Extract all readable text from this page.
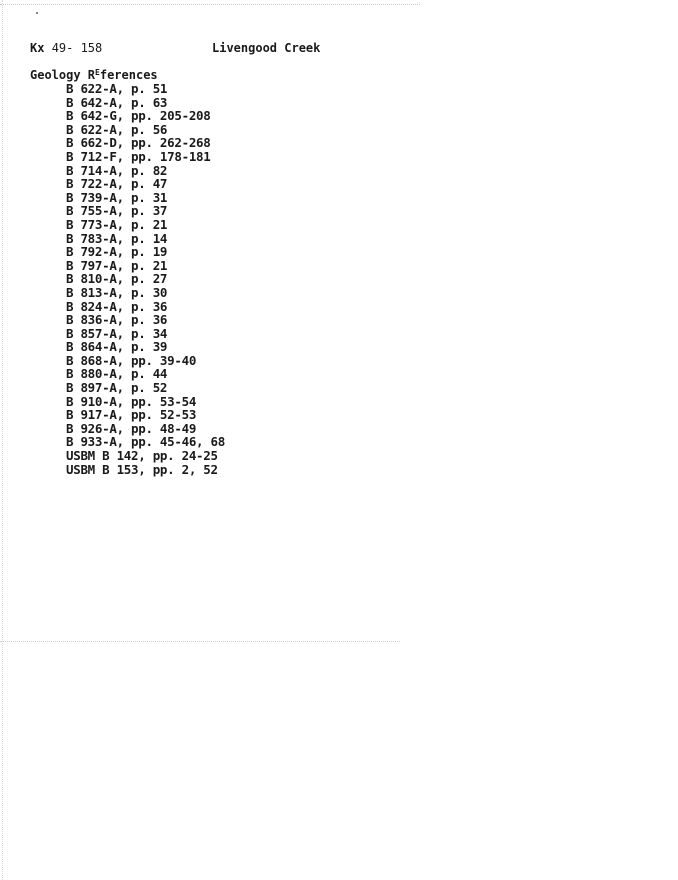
Kx 49- 158	Livengood Creek
Geology $R^Eferences$
B 622-A, p. 51
B 642-A, p. 63
B 642-G, pp. 205-208
B 622-A, p. 56
B 662-D, pp. 262-268
B 712-F, pp. 178-181
B 714-A, p. 82
B 722-A, p. 47
B 739-A, p. 31
B 755-A, p. 37
B 773-A, p. 21
B 783-A, p. 14
B 792-A, p. 19
B 797-A, p. 21
B 810-A, p. 27
B 813-A, p. 30
B 824-A, p. 36
B 836-A, p. 36
B 857-A, p. 34
B 864-A, p. 39
B 868-A, pp. 39-40
B 880-A, p. 44
B 897-A, p. 52
B 910-A, pp. 53-54
B 917-A, pp. 52-53
B 926-A, pp. 48-49
B 933-A, pp. 45-46, 68
USBM B 142, pp. 24-25
USBM B 153, pp. 2, 52
